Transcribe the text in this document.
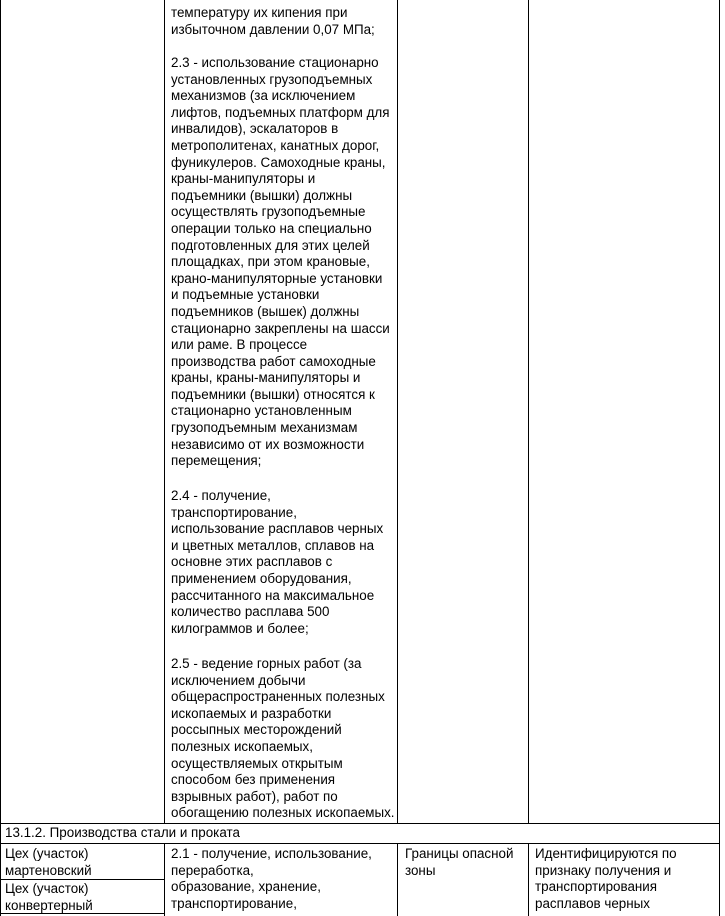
температуру их кипения при
избыточном давлении 0,07 МПа;
2.3 - использование стационарно
установленных грузоподъемных
механизмов (за исключением
лифтов, подъемных платформ для
инвалидов), эскалаторов в
метрополитенах, канатных дорог,
фуникулеров. Самоходные краны,
краны-манипуляторы и
подъемники (вышки) должны
осуществлять грузоподъемные
операции только на специально
подготовленных для этих целей
площадках, при этом крановые,
крано-манипуляторные установки
и подъемные установки
подъемников (вышек) должны
стационарно закреплены на шасси
или раме. В процессе
производства работ самоходные
краны, краны-манипуляторы и
подъемники (вышки) относятся к
стационарно установленным
грузоподъемным механизмам
независимо от их возможности
перемещения;
2.4 - получение,
транспортирование,
использование расплавов черных
и цветных металлов, сплавов на
основне этих расплавов с
применением оборудования,
рассчитанного на максимальное
количество расплава 500
килограммов и более;
2.5 - ведение горных работ (за
исключением добычи
общераспространенных полезных
ископаемых и разработки
россыпных месторождений
полезных ископаемых,
осуществляемых открытым
способом без применения
взрывных работ), работ по
обогащению полезных ископаемых.
13.1.2. Производства стали и проката
Цех (участок)
мартеновский
Цех (участок)
конвертерный
2.1 - получение, использование,
переработка,
образование, хранение,
транспортирование,
Границы опасной
зоны
Идентифицируются по
признаку получения и
транспортирования
расплавов черных
